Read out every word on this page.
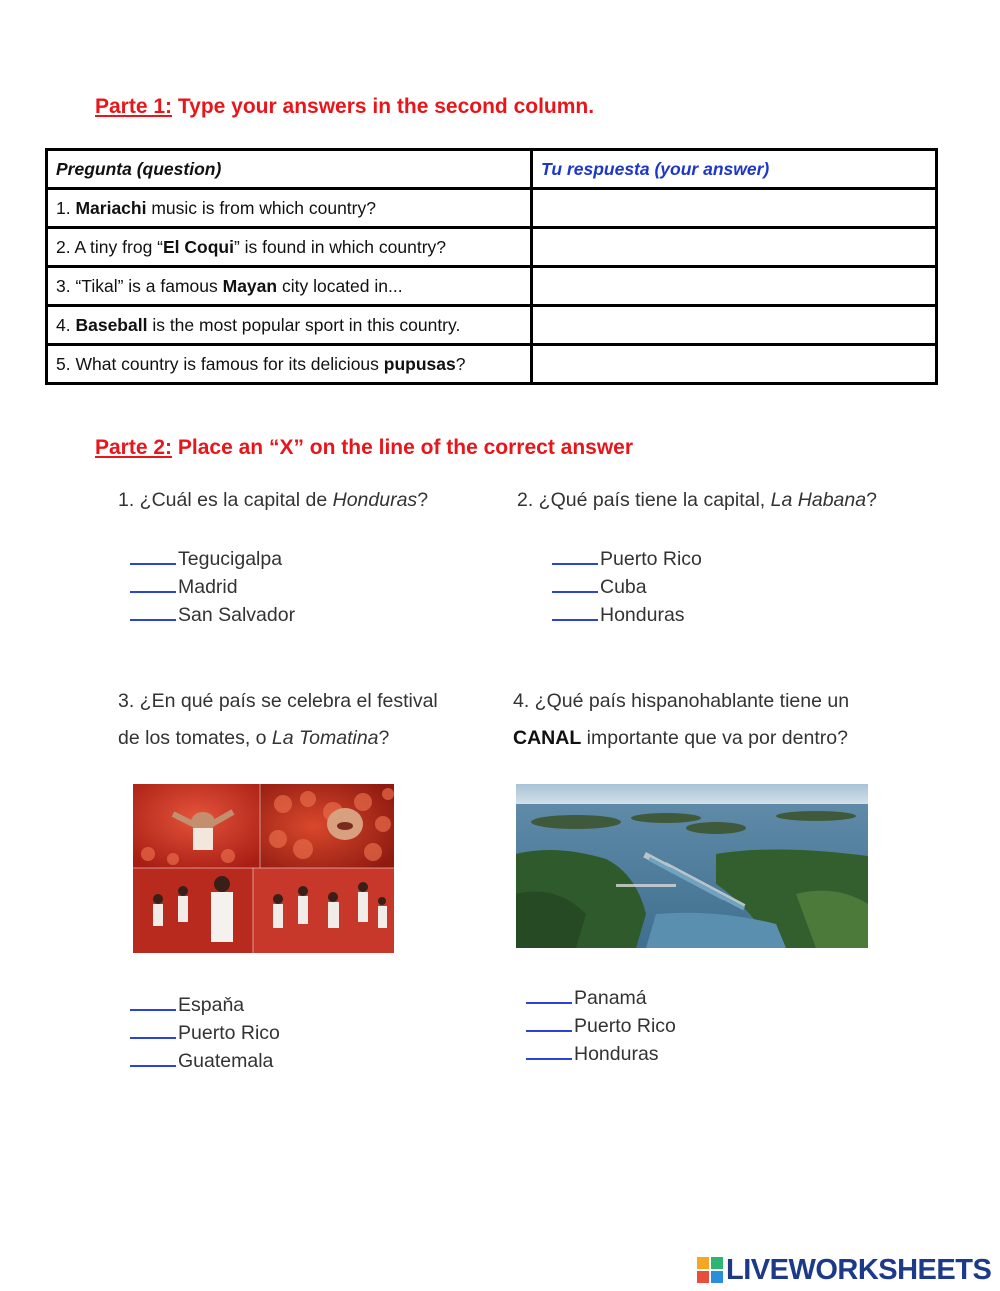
Parte 1: Type your answers in the second column.
Pregunta (question)	Tu respuesta (your answer)
1. Mariachi music is from which country?	
2. A tiny frog “El Coqui” is found in which country?	
3. “Tikal” is a famous Mayan city located in...	
4. Baseball is the most popular sport in this country.	
5. What country is famous for its delicious pupusas?	
Parte 2: Place an “X” on the line of the correct answer
1. ¿Cuál es la capital de Honduras?
Tegucigalpa
Madrid
San Salvador
2. ¿Qué país tiene la capital, La Habana?
Puerto Rico
Cuba
Honduras
3. ¿En qué país se celebra el festival
de los tomates, o La Tomatina?
Espaňa
Puerto Rico
Guatemala
4. ¿Qué país hispanohablante tiene un
CANAL importante que va por dentro?
Panamá
Puerto Rico
Honduras
LIVEWORKSHEETS
